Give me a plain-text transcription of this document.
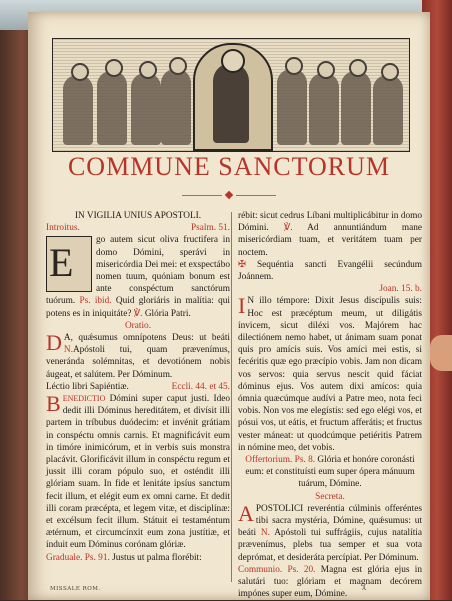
COMMUNE SANCTORUM

IN VIGILIA UNIUS APOSTOLI.

Introitus.	Psalm. 51.

E go autem sicut oliva fructifera in domo Dómini, sperávi in misericórdia Dei mei: et exspectábo nomen tuum, quóniam bonum est ante conspéctum sanctórum tuórum. Ps. ibid. Quid gloriáris in malítia: qui potens es in iniquitáte? ℣. Glória Patri.

Oratio.

D A, quǽsumus omnípotens Deus: ut beáti N.Apóstoli tui, quam prævenímus, veneránda solémnitas, et devotiónem nobis áugeat, et salútem. Per Dóminum.

Léctio libri Sapiéntiæ.	Eccli. 44. et 45.

BENEDICTIO Dómini super caput justi. Ideo dedit illi Dóminus hereditátem, et divísit illi partem in tríbubus duódecim: et invénit grátiam in conspéctu omnis carnis. Et magnificávit eum in timóre inimicórum, et in verbis suis monstra placávit. Glorificávit illum in conspéctu regum et jussit illi coram pópulo suo, et osténdit illi glóriam suam. In fide et lenitáte ipsíus sanctum fecit illum, et elégit eum ex omni carne. Et dedit illi coram præcépta, et legem vitæ, et disciplínæ: et excélsum fecit illum. Státuit ei testaméntum ætérnum, et circumcínxit eum zona justítiæ, et índuit eum Dóminus corónam glóriæ.

Graduale. Ps. 91. Justus ut palma florébit:

rébit: sicut cedrus Líbani multiplicábitur in domo Dómini. ℣. Ad annuntiándum mane misericórdiam tuam, et veritátem tuam per noctem.

✠ Sequéntia sancti Evangélii secúndum Joánnem.

Joan. 15. b.

I N illo témpore: Dixit Jesus discípulis suis: Hoc est præcéptum meum, ut diligátis ínvicem, sicut diléxi vos. Majórem hac dilectiónem nemo habet, ut ánimam suam ponat quis pro amícis suis. Vos amíci mei estis, si fecéritis quæ ego præcípio vobis. Jam non dicam vos servos: quia servus nescit quid fáciat dóminus ejus. Vos autem dixi amícos: quia ómnia quæcúmque audívi a Patre meo, nota feci vobis. Non vos me elegístis: sed ego elégi vos, et pósui vos, ut eátis, et fructum afferátis; et fructus vester máneat: ut quodcúmque petiéritis Patrem in nómine meo, det vobis.

Offertorium. Ps. 8. Glória et honóre coronásti eum: et constituísti eum super ópera mánuum tuárum, Dómine.

Secreta.

A POSTOLICI reveréntia cúlminis offeréntes tibi sacra mystéria, Dómine, quǽsumus: ut beáti N. Apóstoli tui suffrágiis, cujus natalítia prævenímus, plebs tua semper et sua vota deprómat, et desideráta percípiat. Per Dóminum.

Communio. Ps. 20. Magna est glória ejus in salutári tuo: glóriam et magnam decórem impónes super eum, Dómine.

MISSALE ROM.	A
